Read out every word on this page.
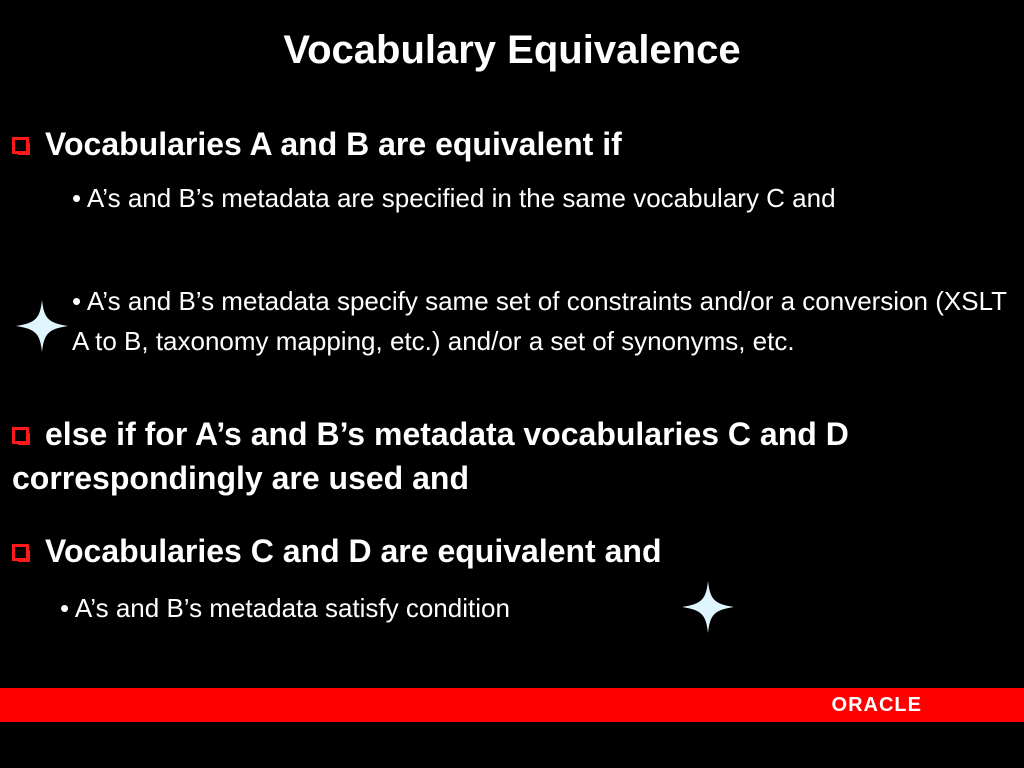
Vocabulary Equivalence
Vocabularies A and B are equivalent if
• A’s and B’s metadata are specified in the same vocabulary C and
• A’s and B’s metadata specify same set of constraints and/or a conversion (XSLT A to B, taxonomy mapping, etc.) and/or a set of synonyms, etc.
else if for A’s and B’s metadata vocabularies C and D correspondingly are used and
Vocabularies C and D are equivalent and
• A’s and B’s metadata satisfy condition
ORACLE
